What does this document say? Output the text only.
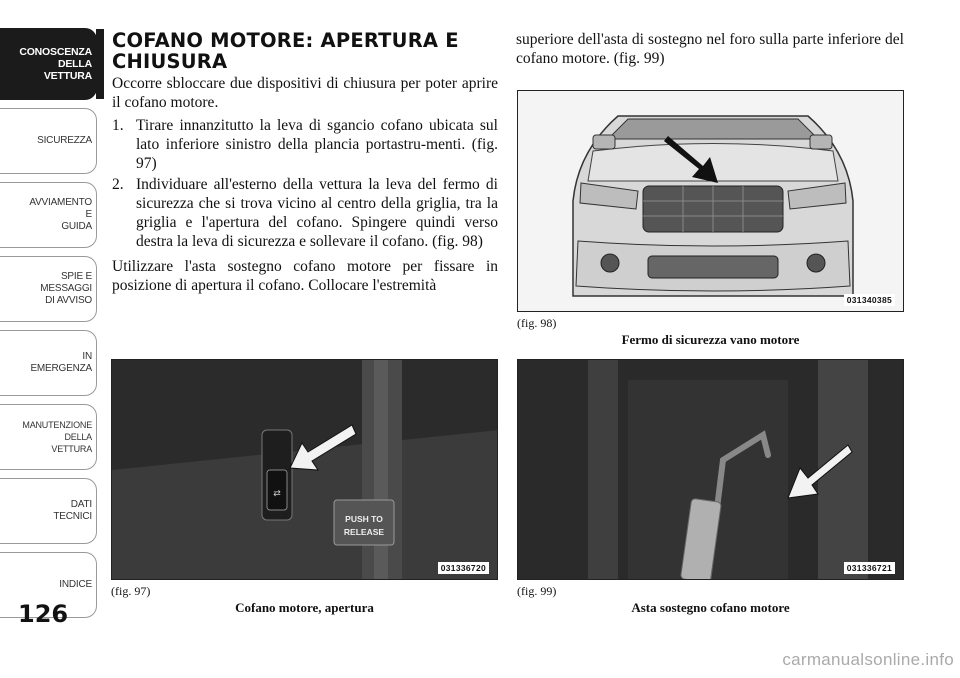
CONOSCENZA
DELLA
VETTURA
SICUREZZA
AVVIAMENTO
E
GUIDA
SPIE E
MESSAGGI
DI AVVISO
IN
EMERGENZA
MANUTENZIONE
DELLA
VETTURA
DATI
TECNICI
INDICE
126
COFANO MOTORE: APERTURA E CHIUSURA

Occorre sbloccare due dispositivi di chiusura per poter aprire il cofano motore.

1. Tirare innanzitutto la leva di sgancio cofano ubicata sul lato inferiore sinistro della plancia portastru-menti. (fig. 97)
2. Individuare all'esterno della vettura la leva del fermo di sicurezza che si trova vicino al centro della griglia, tra la griglia e l'apertura del cofano. Spingere quindi verso destra la leva di sicurezza e sollevare il cofano. (fig. 98)

Utilizzare l'asta sostegno cofano motore per fissare in posizione di apertura il cofano. Collocare l'estremità

superiore dell'asta di sostegno nel foro sulla parte inferiore del cofano motore. (fig. 99)

031340385
(fig. 98)
Fermo di sicurezza vano motore
⇄
PUSH TO
RELEASE
031336720
(fig. 97)
Cofano motore, apertura
031336721
(fig. 99)
Asta sostegno cofano motore
carmanualsonline.info
